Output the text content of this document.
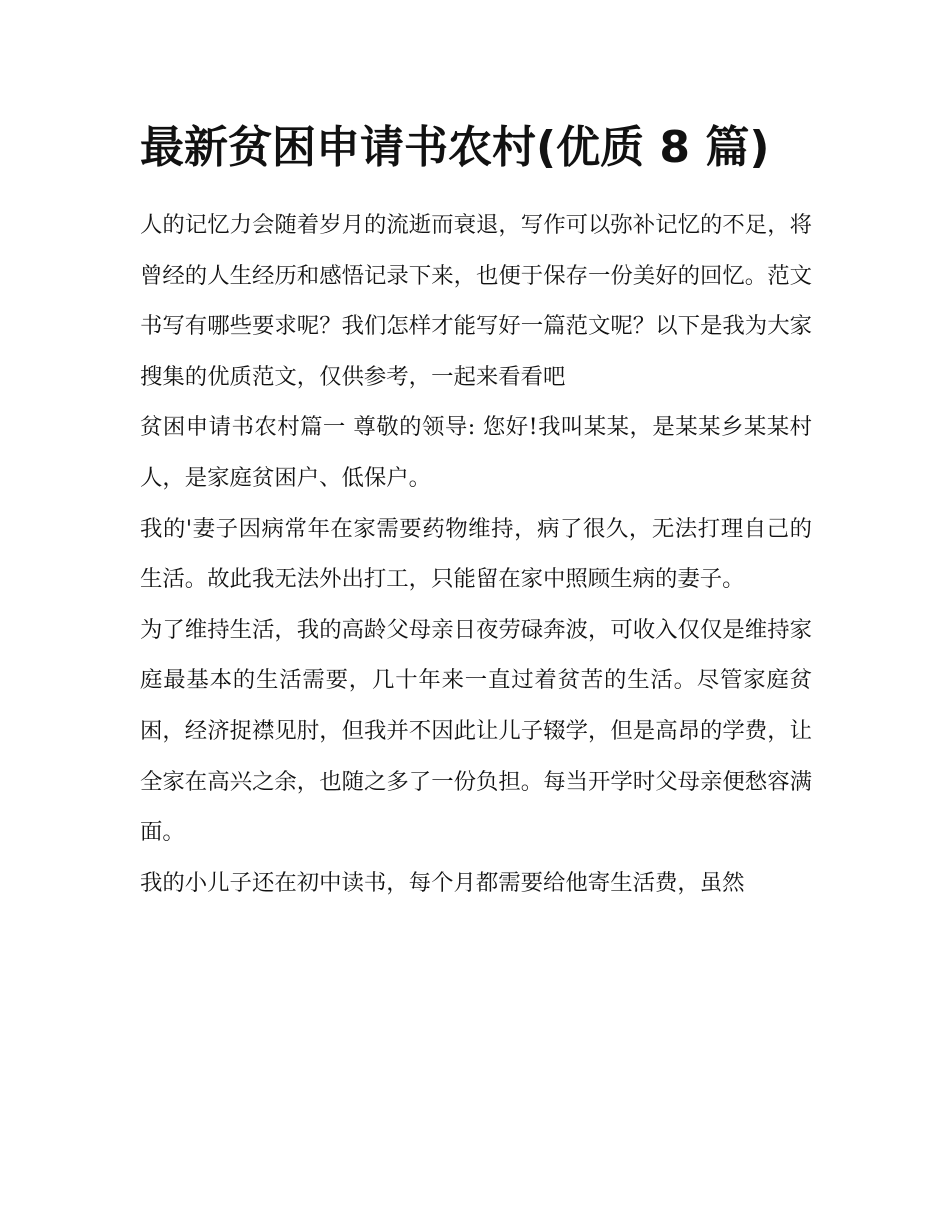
最新贫困申请书农村(优质 8 篇)

人的记忆力会随着岁月的流逝而衰退，写作可以弥补记忆的不足，将曾经的人生经历和感悟记录下来，也便于保存一份美好的回忆。范文书写有哪些要求呢？我们怎样才能写好一篇范文呢？以下是我为大家搜集的优质范文，仅供参考，一起来看看吧

贫困申请书农村篇一 尊敬的领导: 您好!我叫某某，是某某乡某某村人，是家庭贫困户、低保户。

我的'妻子因病常年在家需要药物维持，病了很久，无法打理自己的生活。故此我无法外出打工，只能留在家中照顾生病的妻子。

为了维持生活，我的高龄父母亲日夜劳碌奔波，可收入仅仅是维持家庭最基本的生活需要，几十年来一直过着贫苦的生活。尽管家庭贫困，经济捉襟见肘，但我并不因此让儿子辍学，但是高昂的学费，让全家在高兴之余，也随之多了一份负担。每当开学时父母亲便愁容满面。

我的小儿子还在初中读书，每个月都需要给他寄生活费，虽然
